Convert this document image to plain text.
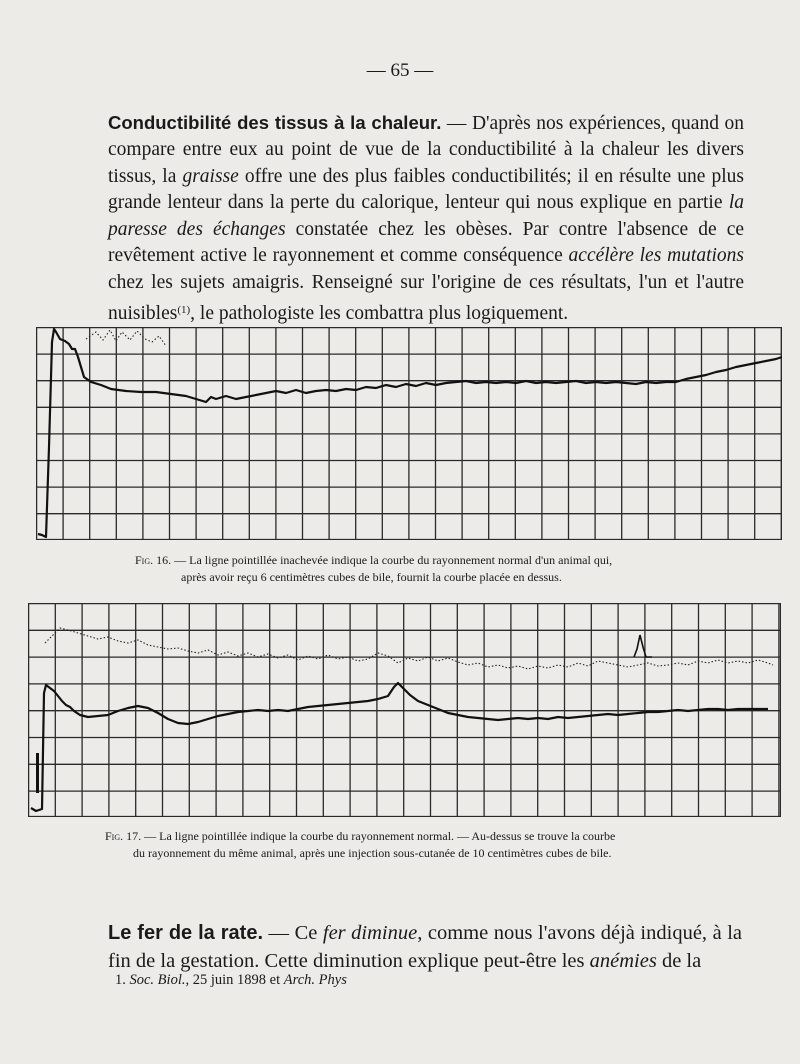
— 65 —

Conductibilité des tissus à la chaleur. — D'après nos expériences, quand on compare entre eux au point de vue de la conductibilité à la chaleur les divers tissus, la graisse offre une des plus faibles conductibilités; il en résulte une plus grande lenteur dans la perte du calorique, lenteur qui nous explique en partie la paresse des échanges constatée chez les obèses. Par contre l'absence de ce revêtement active le rayonnement et comme conséquence accélère les mutations chez les sujets amaigris. Renseigné sur l'origine de ces résultats, l'un et l'autre nuisibles$^{(1)}$, le pathologiste les combattra plus logiquement.

Fig. 16. — La ligne pointillée inachevée indique la courbe du rayonnement normal d'un animal qui,
après avoir reçu 6 centimètres cubes de bile, fournit la courbe placée en dessus.
Fig. 17. — La ligne pointillée indique la courbe du rayonnement normal. — Au-dessus se trouve la courbe
du rayonnement du même animal, après une injection sous-cutanée de 10 centimètres cubes de bile.

Le fer de la rate. — Ce fer diminue, comme nous l'avons déjà indiqué, à la fin de la gestation. Cette diminution explique peut-être les anémies de la

1. Soc. Biol., 25 juin 1898 et Arch. Phys
